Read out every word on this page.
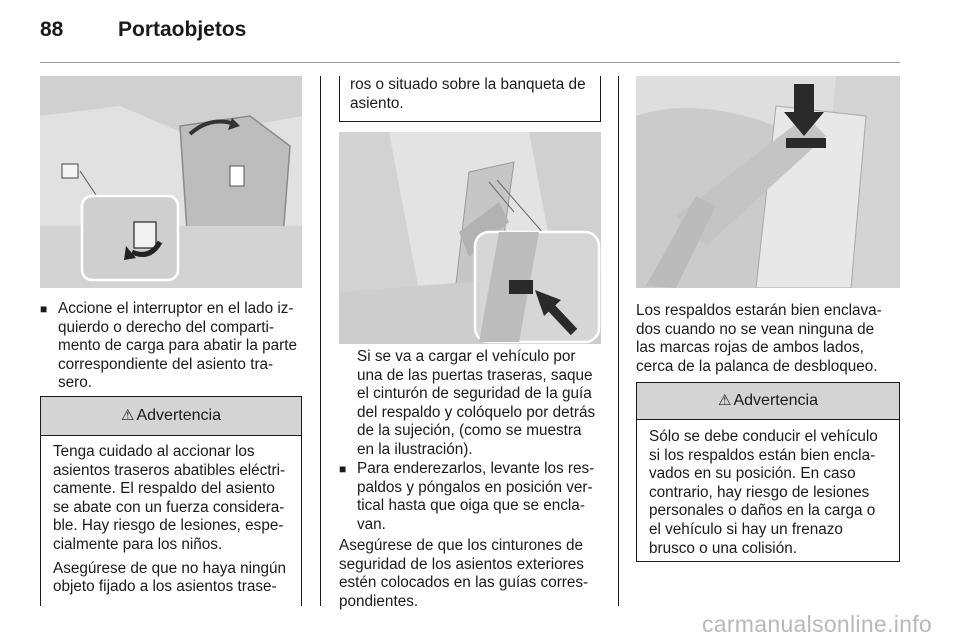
88	Portaobjetos
■ Accione el interruptor en el lado iz-
quierdo o derecho del comparti-
mento de carga para abatir la parte
correspondiente del asiento tra-
sero.
⚠ Advertencia
Tenga cuidado al accionar los
asientos traseros abatibles eléctri-
camente. El respaldo del asiento
se abate con un fuerza considera-
ble. Hay riesgo de lesiones, espe-
cialmente para los niños.
Asegúrese de que no haya ningún
objeto fijado a los asientos trase-
ros o situado sobre la banqueta de
asiento.
Si se va a cargar el vehículo por
una de las puertas traseras, saque
el cinturón de seguridad de la guía
del respaldo y colóquelo por detrás
de la sujeción, (como se muestra
en la ilustración).
■ Para enderezarlos, levante los res-
paldos y póngalos en posición ver-
tical hasta que oiga que se encla-
van.
Asegúrese de que los cinturones de
seguridad de los asientos exteriores
estén colocados en las guías corres-
pondientes.
Los respaldos estarán bien enclava-
dos cuando no se vean ninguna de
las marcas rojas de ambos lados,
cerca de la palanca de desbloqueo.
⚠ Advertencia
Sólo se debe conducir el vehículo
si los respaldos están bien encla-
vados en su posición. En caso
contrario, hay riesgo de lesiones
personales o daños en la carga o
el vehículo si hay un frenazo
brusco o una colisión.
carmanualsonline.info
